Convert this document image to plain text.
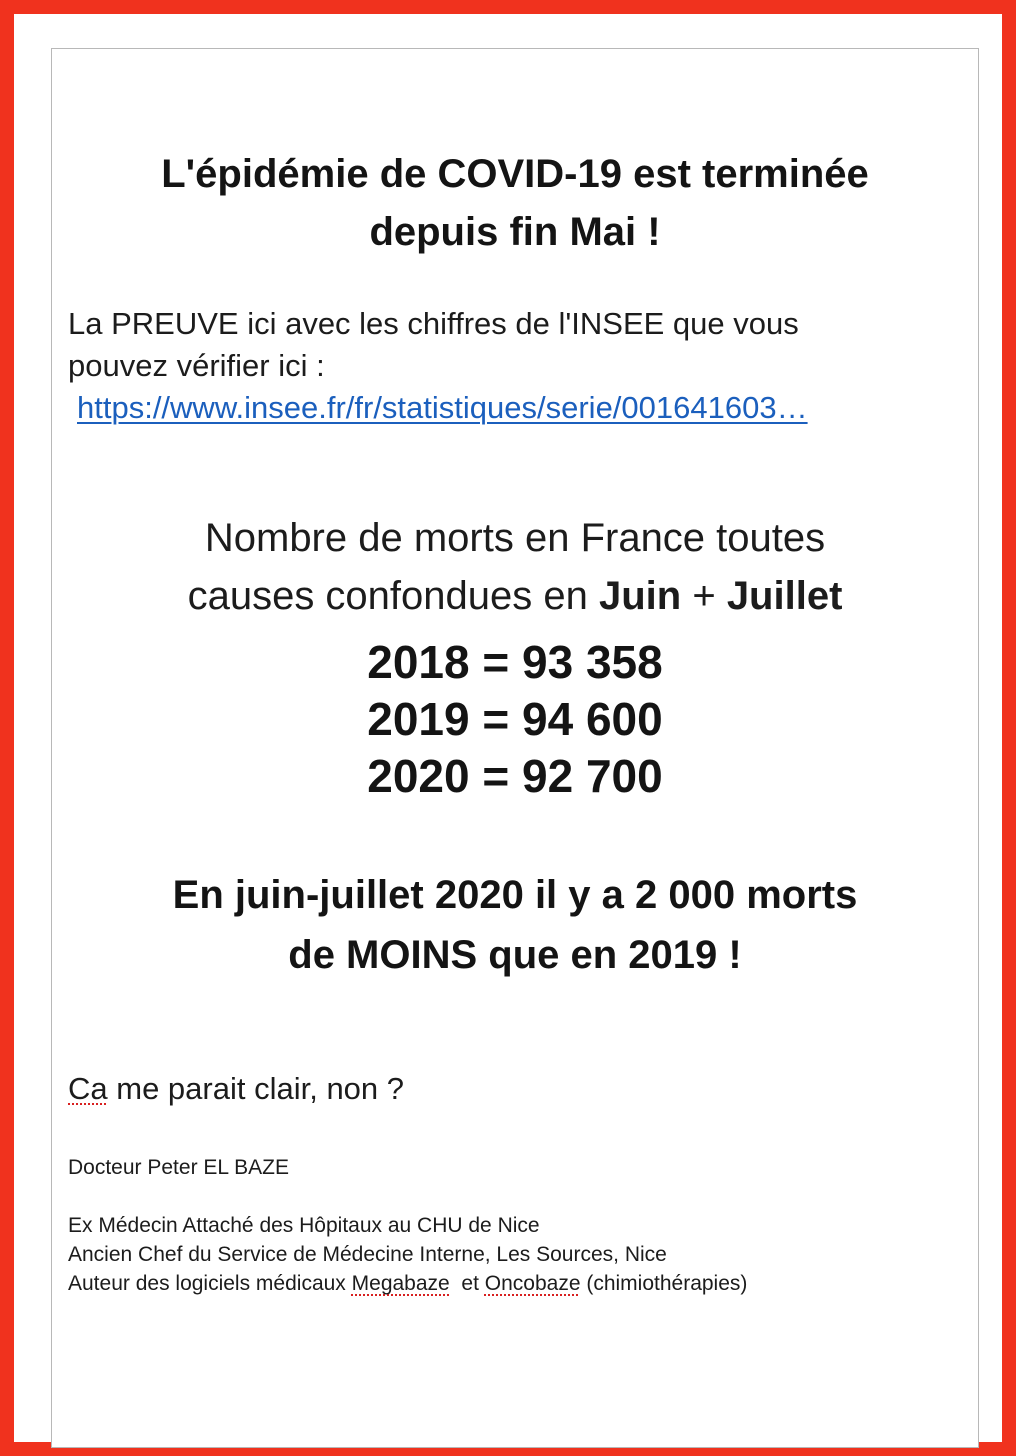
L'épidémie de COVID-19 est terminée
depuis fin Mai !
La PREUVE ici avec les chiffres de l'INSEE que vous
pouvez vérifier ici :
https://www.insee.fr/fr/statistiques/serie/001641603…
Nombre de morts en France toutes
causes confondues en Juin + Juillet
2018 = 93 358
2019 = 94 600
2020 = 92 700
En juin-juillet 2020 il y a 2 000 morts
de MOINS que en 2019 !
Ca me parait clair, non ?
Docteur Peter EL BAZE
Ex Médecin Attaché des Hôpitaux au CHU de Nice
Ancien Chef du Service de Médecine Interne, Les Sources, Nice
Auteur des logiciels médicaux Megabaze  et Oncobaze (chimiothérapies)
